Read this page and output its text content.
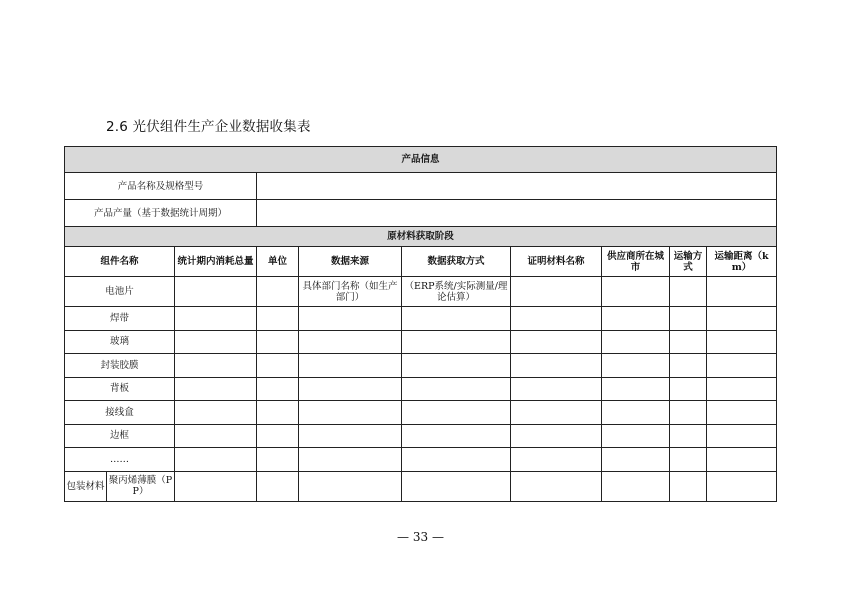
2.6 光伏组件生产企业数据收集表
产品信息									
产品名称及规格型号									
产品产量（基于数据统计周期）									
原材料获取阶段									
组件名称		统计期内消耗总量	单位	数据来源	数据获取方式	证明材料名称	供应商所在城市	运输方式	运输距离（km）
电池片				具体部门名称（如生产部门）	（ERP系统/实际测量/理论估算）				
焊带									
玻璃									
封装胶膜									
背板									
接线盒									
边框									
……									
包装材料	聚丙烯薄膜（PP）								
— 33 —
